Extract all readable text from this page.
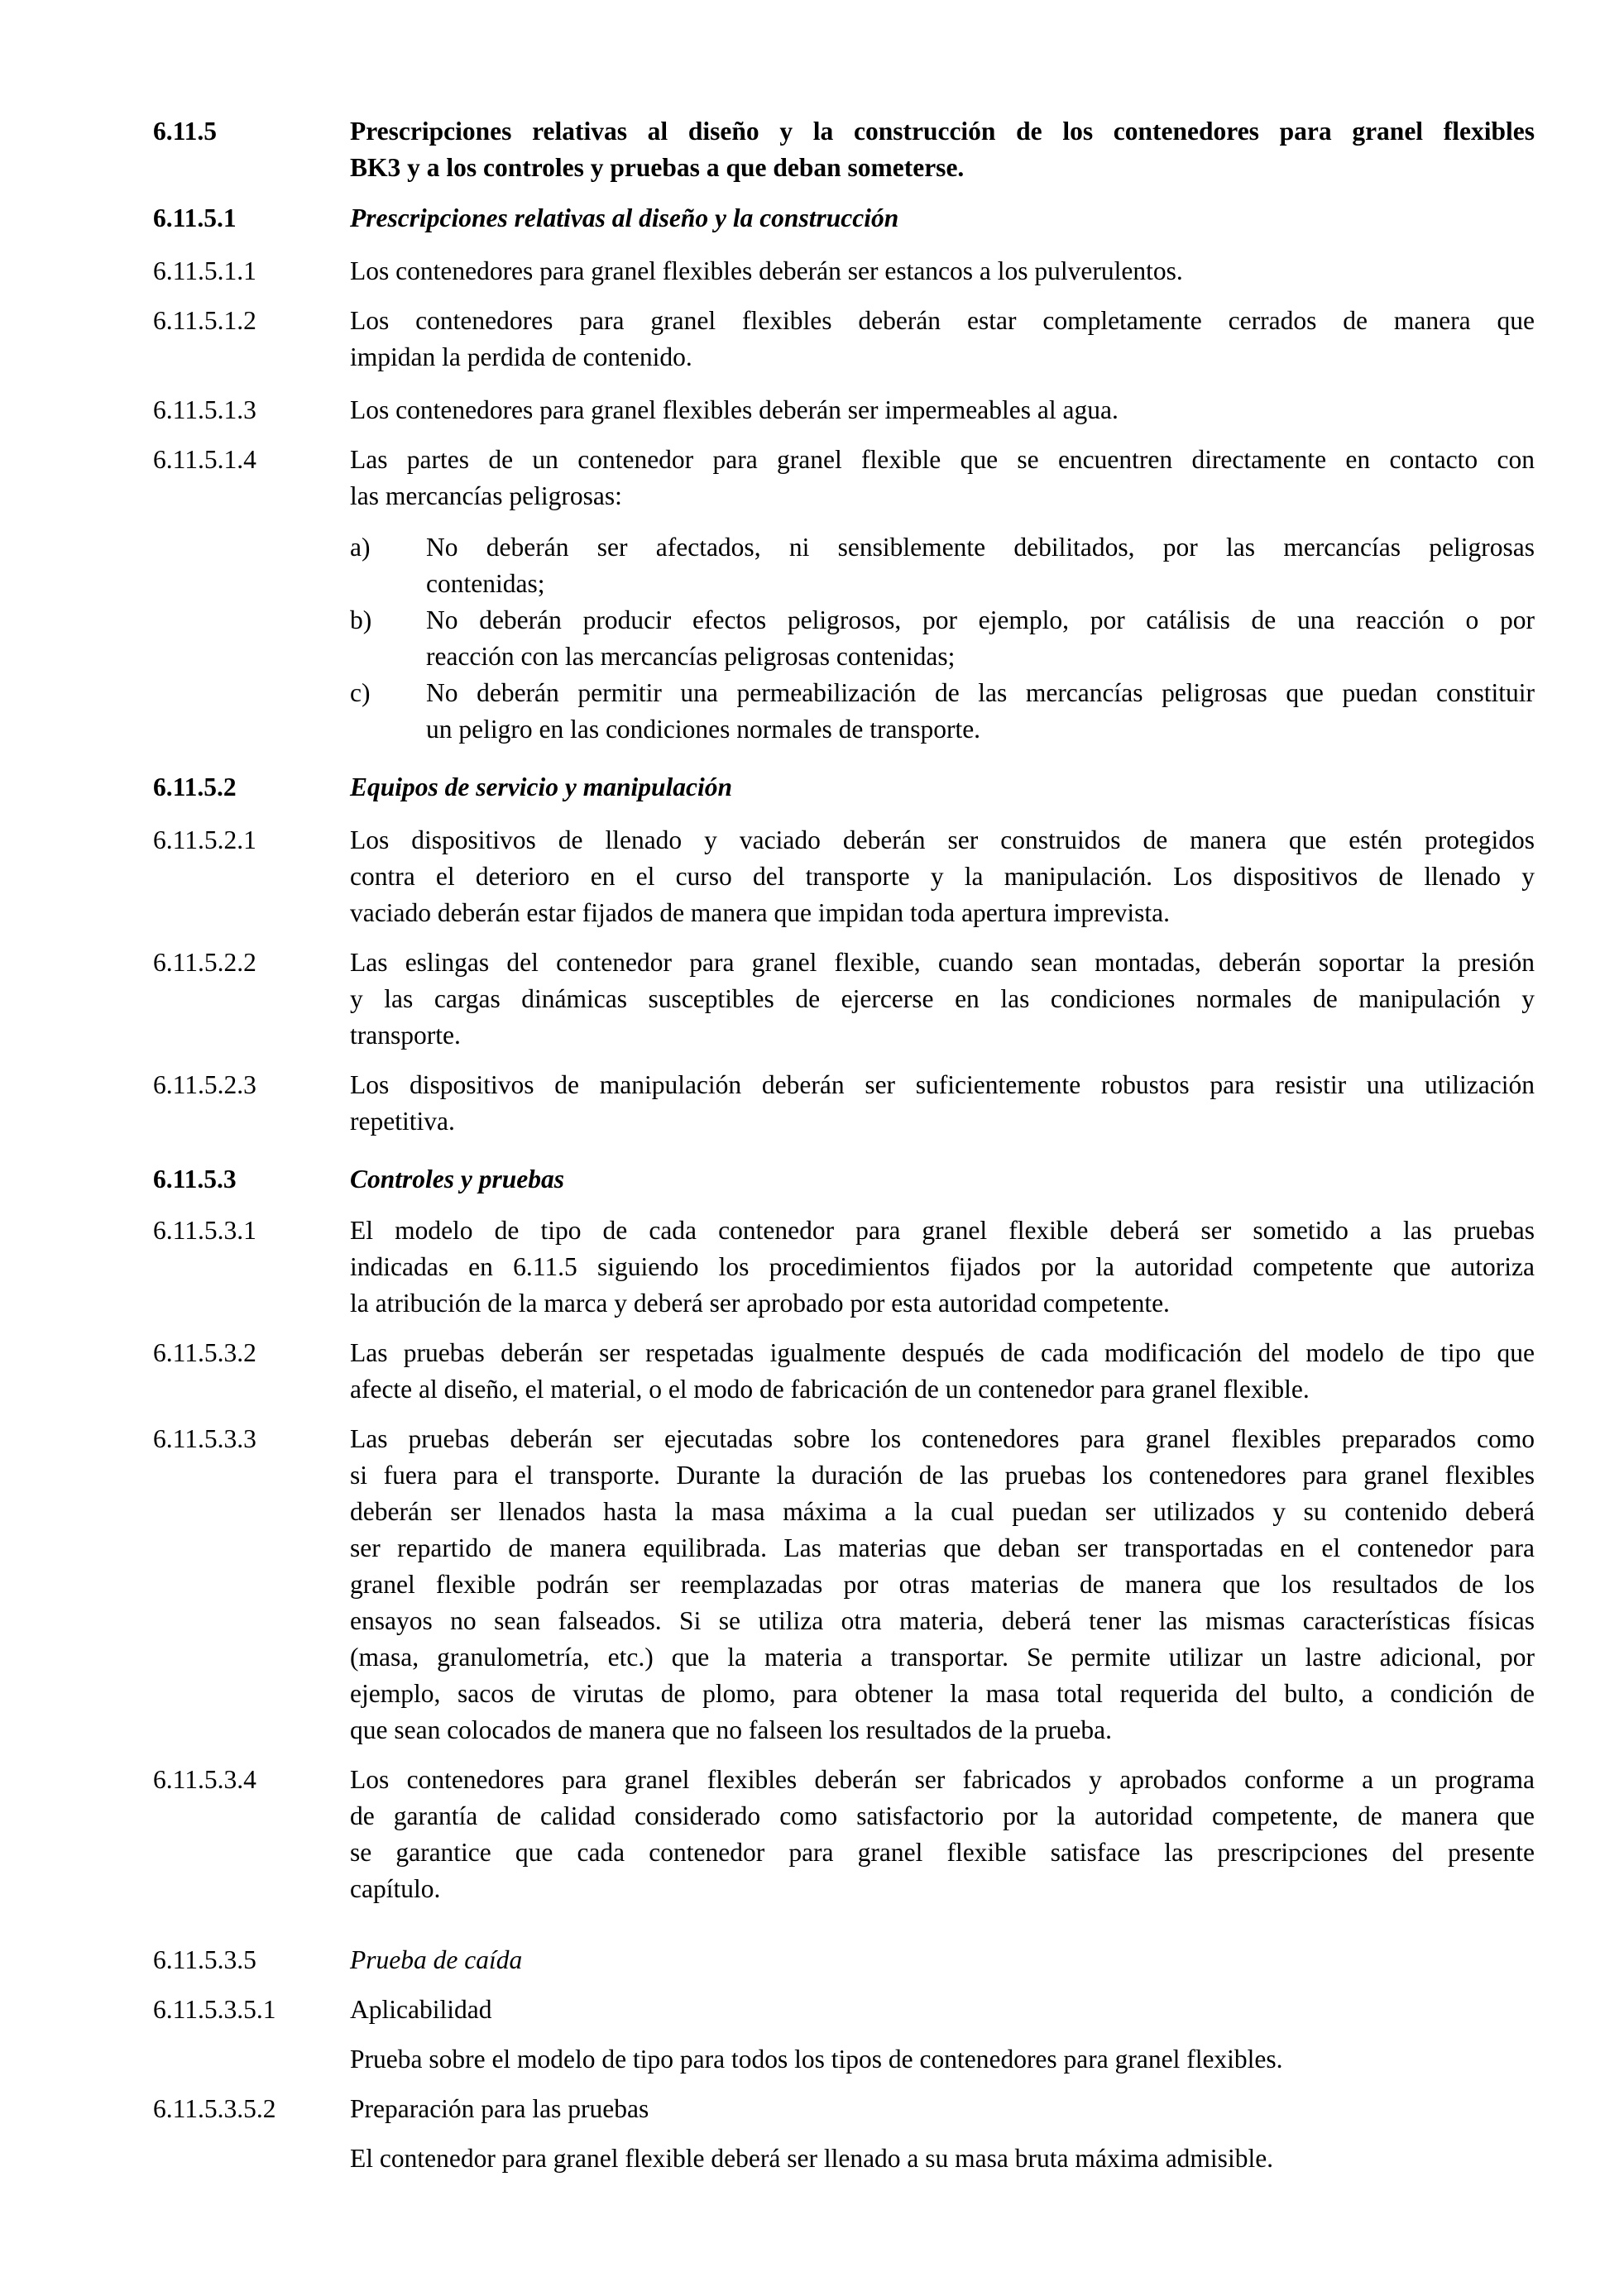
6.11.5	Prescripciones relativas al diseño y la construcción de los contenedores para granel flexibles
BK3 y a los controles y pruebas a que deban someterse.
6.11.5.1	Prescripciones relativas al diseño y la construcción
6.11.5.1.1	Los contenedores para granel flexibles deberán ser estancos a los pulverulentos.
6.11.5.1.2	Los contenedores para granel flexibles deberán estar completamente cerrados de manera que
impidan la perdida de contenido.
6.11.5.1.3	Los contenedores para granel flexibles deberán ser impermeables al agua.
6.11.5.1.4	Las partes de un contenedor para granel flexible que se encuentren directamente en contacto con
las mercancías peligrosas:
a) No deberán ser afectados, ni sensiblemente debilitados, por las mercancías peligrosas
contenidas;
b) No deberán producir efectos peligrosos, por ejemplo, por catálisis de una reacción o por
reacción con las mercancías peligrosas contenidas;
c) No deberán permitir una permeabilización de las mercancías peligrosas que puedan constituir
un peligro en las condiciones normales de transporte.
6.11.5.2	Equipos de servicio y manipulación
6.11.5.2.1	Los dispositivos de llenado y vaciado deberán ser construidos de manera que estén protegidos
contra el deterioro en el curso del transporte y la manipulación. Los dispositivos de llenado y
vaciado deberán estar fijados de manera que impidan toda apertura imprevista.
6.11.5.2.2	Las eslingas del contenedor para granel flexible, cuando sean montadas, deberán soportar la presión
y las cargas dinámicas susceptibles de ejercerse en las condiciones normales de manipulación y
transporte.
6.11.5.2.3	Los dispositivos de manipulación deberán ser suficientemente robustos para resistir una utilización
repetitiva.
6.11.5.3	Controles y pruebas
6.11.5.3.1	El modelo de tipo de cada contenedor para granel flexible deberá ser sometido a las pruebas
indicadas en 6.11.5 siguiendo los procedimientos fijados por la autoridad competente que autoriza
la atribución de la marca y deberá ser aprobado por esta autoridad competente.
6.11.5.3.2	Las pruebas deberán ser respetadas igualmente después de cada modificación del modelo de tipo que
afecte al diseño, el material, o el modo de fabricación de un contenedor para granel flexible.
6.11.5.3.3	Las pruebas deberán ser ejecutadas sobre los contenedores para granel flexibles preparados como
si fuera para el transporte. Durante la duración de las pruebas los contenedores para granel flexibles
deberán ser llenados hasta la masa máxima a la cual puedan ser utilizados y su contenido deberá
ser repartido de manera equilibrada. Las materias que deban ser transportadas en el contenedor para
granel flexible podrán ser reemplazadas por otras materias de manera que los resultados de los
ensayos no sean falseados. Si se utiliza otra materia, deberá tener las mismas características físicas
(masa, granulometría, etc.) que la materia a transportar. Se permite utilizar un lastre adicional, por
ejemplo, sacos de virutas de plomo, para obtener la masa total requerida del bulto, a condición de
que sean colocados de manera que no falseen los resultados de la prueba.
6.11.5.3.4	Los contenedores para granel flexibles deberán ser fabricados y aprobados conforme a un programa
de garantía de calidad considerado como satisfactorio por la autoridad competente, de manera que
se garantice que cada contenedor para granel flexible satisface las prescripciones del presente
capítulo.
6.11.5.3.5	Prueba de caída
6.11.5.3.5.1	Aplicabilidad
Prueba sobre el modelo de tipo para todos los tipos de contenedores para granel flexibles.
6.11.5.3.5.2	Preparación para las pruebas
El contenedor para granel flexible deberá ser llenado a su masa bruta máxima admisible.
